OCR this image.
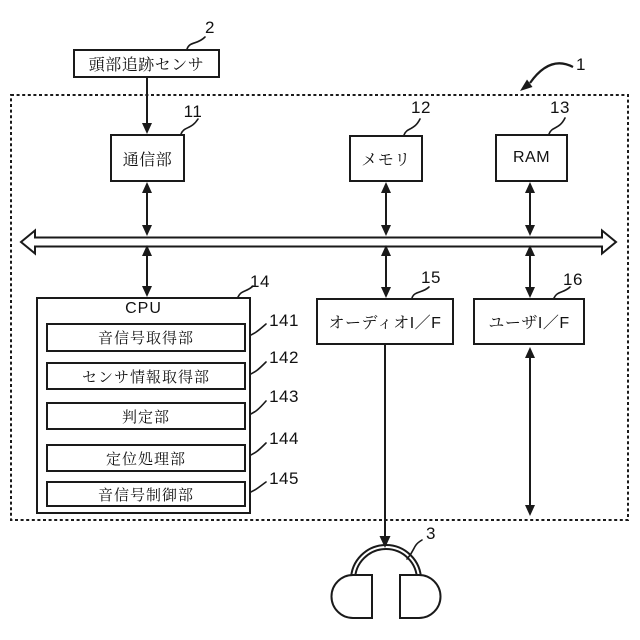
頭部追跡センサ
通信部	メモリ	RAM
CPU
音信号取得部
センサ情報取得部
判定部
定位処理部
音信号制御部
オーディオI／F	ユーザI／F
1
2
3
11	12	13
14	15	16
141
142
143
144
145
